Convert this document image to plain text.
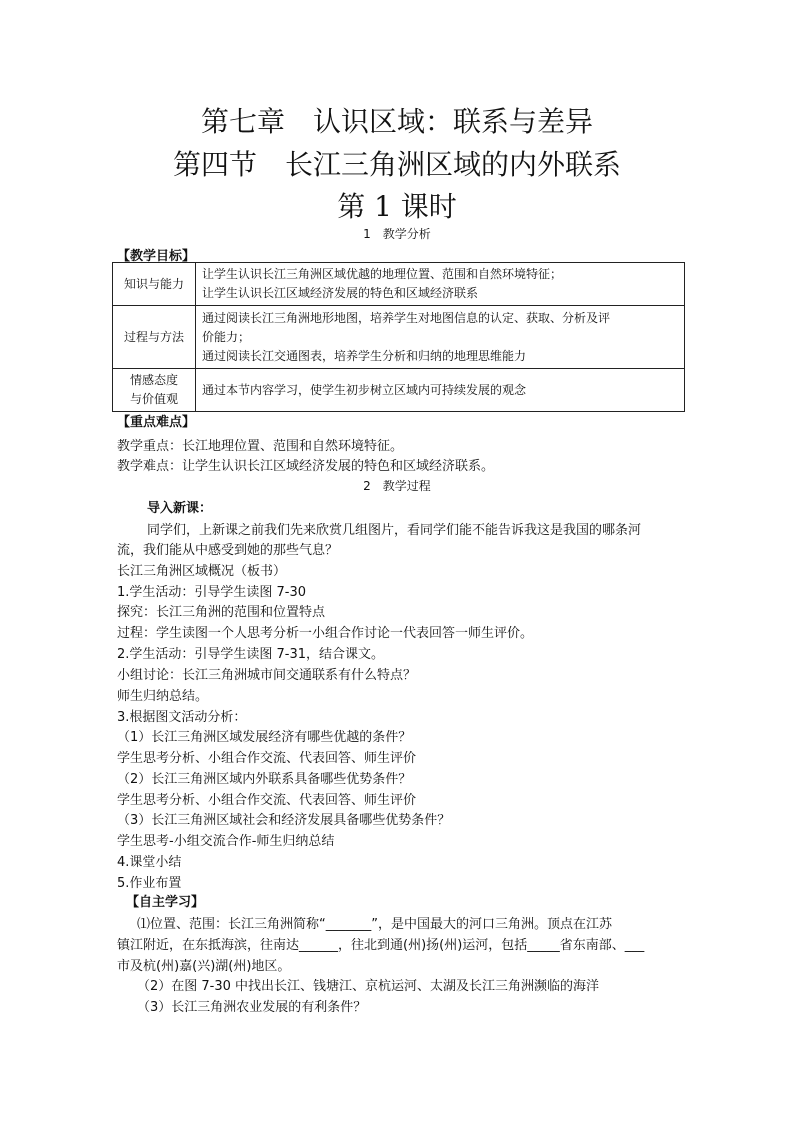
第七章　认识区域：联系与差异
第四节　长江三角洲区域的内外联系
第 1 课时
1　教学分析
【教学目标】
知识与能力	让学生认识长江三角洲区域优越的地理位置、范围和自然环境特征；
让学生认识长江区域经济发展的特色和区域经济联系

过程与方法	通过阅读长江三角洲地形地图，培养学生对地图信息的认定、获取、分析及评
价能力；
通过阅读长江交通图表，培养学生分析和归纳的地理思维能力

情感态度
与价值观	通过本节内容学习，使学生初步树立区域内可持续发展的观念
【重点难点】
教学重点：长江地理位置、范围和自然环境特征。
教学难点：让学生认识长江区域经济发展的特色和区域经济联系。
2　教学过程
导入新课：
同学们，上新课之前我们先来欣赏几组图片，看同学们能不能告诉我这是我国的哪条河
流，我们能从中感受到她的那些气息？
长江三角洲区域概况（板书）
1.学生活动：引导学生读图 7-30
探究：长江三角洲的范围和位置特点
过程：学生读图一个人思考分析一小组合作讨论一代表回答一师生评价。
2.学生活动：引导学生读图 7-31，结合课文。
小组讨论：长江三角洲城市间交通联系有什么特点？
师生归纳总结。
3.根据图文活动分析：
（1）长江三角洲区域发展经济有哪些优越的条件？
学生思考分析、小组合作交流、代表回答、师生评价
（2）长江三角洲区域内外联系具备哪些优势条件？
学生思考分析、小组合作交流、代表回答、师生评价
（3）长江三角洲区域社会和经济发展具备哪些优势条件？
学生思考-小组交流合作-师生归纳总结
4.课堂小结
5.作业布置
【自主学习】
⑴位置、范围：长江三角洲简称“_______”，是中国最大的河口三角洲。顶点在江苏
镇江附近，在东抵海滨，往南达______，往北到通(州)扬(州)运河，包括_____省东南部、___
市及杭(州)嘉(兴)湖(州)地区。
（2）在图 7-30 中找出长江、钱塘江、京杭运河、太湖及长江三角洲濒临的海洋
（3）长江三角洲农业发展的有利条件？
